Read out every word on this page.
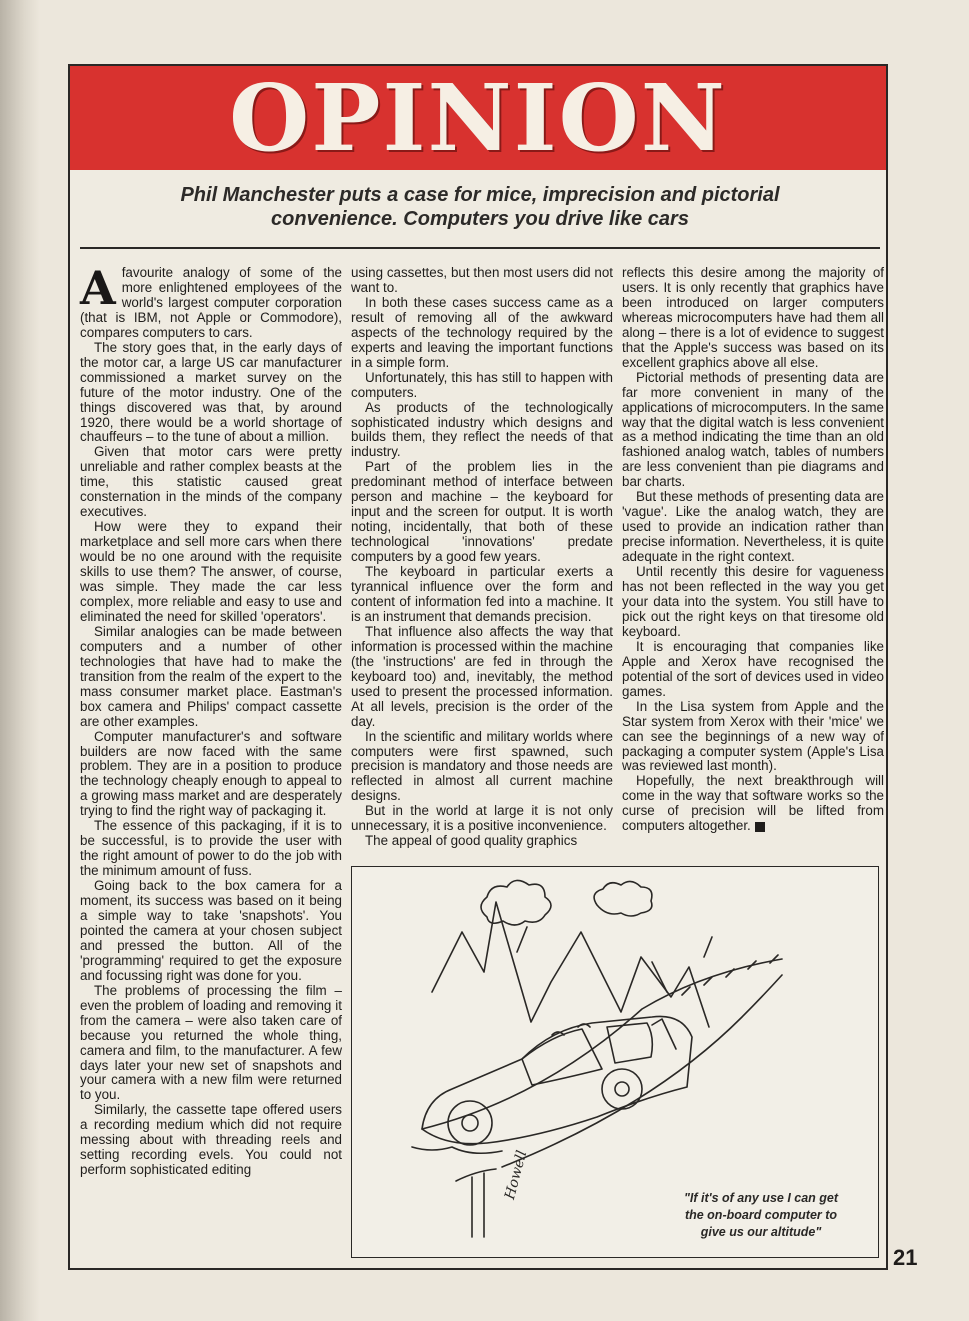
OPINION
Phil Manchester puts a case for mice, imprecision and pictorial
convenience. Computers you drive like cars
A favourite analogy of some of the more enlightened employees of the world's largest computer corporation (that is IBM, not Apple or Commodore), compares computers to cars.

The story goes that, in the early days of the motor car, a large US car manufacturer commissioned a market survey on the future of the motor industry. One of the things discovered was that, by around 1920, there would be a world shortage of chauffeurs – to the tune of about a million.

Given that motor cars were pretty unreliable and rather complex beasts at the time, this statistic caused great consternation in the minds of the company executives.

How were they to expand their marketplace and sell more cars when there would be no one around with the requisite skills to use them? The answer, of course, was simple. They made the car less complex, more reliable and easy to use and eliminated the need for skilled 'operators'.

Similar analogies can be made between computers and a number of other technologies that have had to make the transition from the realm of the expert to the mass consumer market place. Eastman's box camera and Philips' compact cassette are other examples.

Computer manufacturer's and software builders are now faced with the same problem. They are in a position to produce the technology cheaply enough to appeal to a growing mass market and are desperately trying to find the right way of packaging it.

The essence of this packaging, if it is to be successful, is to provide the user with the right amount of power to do the job with the minimum amount of fuss.

Going back to the box camera for a moment, its success was based on it being a simple way to take 'snapshots'. You pointed the camera at your chosen subject and pressed the button. All of the 'programming' required to get the exposure and focussing right was done for you.

The problems of processing the film – even the problem of loading and removing it from the camera – were also taken care of because you returned the whole thing, camera and film, to the manufacturer. A few days later your new set of snapshots and your camera with a new film were returned to you.

Similarly, the cassette tape offered users a recording medium which did not require messing about with threading reels and setting recording evels. You could not perform sophisticated editing

using cassettes, but then most users did not want to.

In both these cases success came as a result of removing all of the awkward aspects of the technology required by the experts and leaving the important functions in a simple form.

Unfortunately, this has still to happen with computers.

As products of the technologically sophisticated industry which designs and builds them, they reflect the needs of that industry.

Part of the problem lies in the predominant method of interface between person and machine – the keyboard for input and the screen for output. It is worth noting, incidentally, that both of these technological 'innovations' predate computers by a good few years.

The keyboard in particular exerts a tyrannical influence over the form and content of information fed into a machine. It is an instrument that demands precision.

That influence also affects the way that information is processed within the machine (the 'instructions' are fed in through the keyboard too) and, inevitably, the method used to present the processed information. At all levels, precision is the order of the day.

In the scientific and military worlds where computers were first spawned, such precision is mandatory and those needs are reflected in almost all current machine designs.

But in the world at large it is not only unnecessary, it is a positive inconvenience.

The appeal of good quality graphics

reflects this desire among the majority of users. It is only recently that graphics have been introduced on larger computers whereas microcomputers have had them all along – there is a lot of evidence to suggest that the Apple's success was based on its excellent graphics above all else.

Pictorial methods of presenting data are far more convenient in many of the applications of microcomputers. In the same way that the digital watch is less convenient as a method indicating the time than an old fashioned analog watch, tables of numbers are less convenient than pie diagrams and bar charts.

But these methods of presenting data are 'vague'. Like the analog watch, they are used to provide an indication rather than precise information. Nevertheless, it is quite adequate in the right context.

Until recently this desire for vagueness has not been reflected in the way you get your data into the system. You still have to pick out the right keys on that tiresome old keyboard.

It is encouraging that companies like Apple and Xerox have recognised the potential of the sort of devices used in video games.

In the Lisa system from Apple and the Star system from Xerox with their 'mice' we can see the beginnings of a new way of packaging a computer system (Apple's Lisa was reviewed last month).

Hopefully, the next breakthrough will come in the way that software works so the curse of precision will be lifted from computers altogether.

Howell	"If it's of any use I can get
the on-board computer to
give us our altitude"
21
